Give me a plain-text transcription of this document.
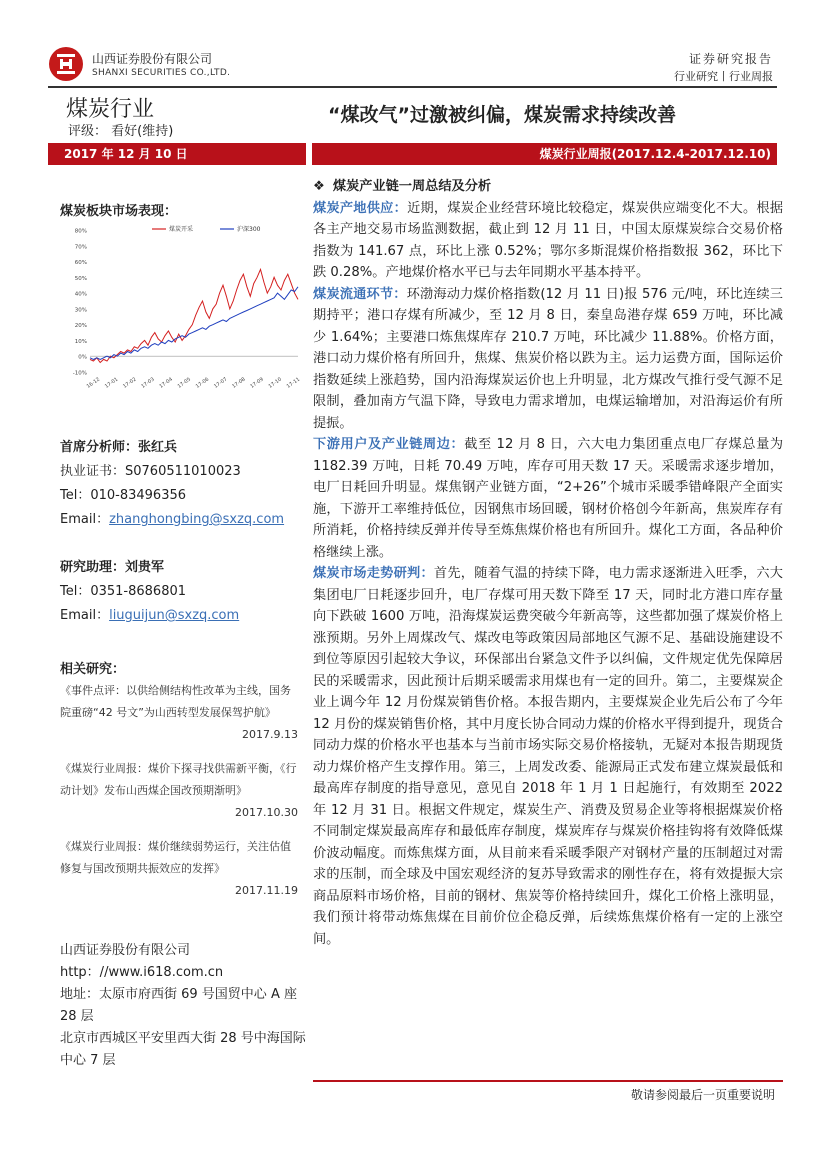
山西证券股份有限公司
SHANXI SECURITIES CO.,LTD.
证券研究报告
行业研究丨行业周报
煤炭行业
评级： 看好(维持)
“煤改气”过激被纠偏，煤炭需求持续改善
2017 年 12 月 10 日	煤炭行业周报(2017.12.4-2017.12.10)
煤炭板块市场表现：
80%
70%
60%
50%
40%
30%
20%
10%
0%
-10%
16-12 17-01 17-02 17-03 17-04 17-05 17-06 17-07 17-08 17-09 17-10 17-11
煤炭开采	沪深300
首席分析师：张红兵
执业证书：S0760511010023
Tel：010-83496356
Email：zhanghongbing@sxzq.com
研究助理：刘贵军
Tel：0351-8686801
Email：liuguijun@sxzq.com
相关研究：
《事件点评：以供给侧结构性改革为主线，国务院重磅“42 号文”为山西转型发展保驾护航》
2017.9.13
《煤炭行业周报：煤价下探寻找供需新平衡，《行动计划》发布山西煤企国改预期渐明》
2017.10.30
《煤炭行业周报：煤价继续弱势运行，关注估值修复与国改预期共振效应的发挥》
2017.11.19
山西证券股份有限公司
http：//www.i618.com.cn
地址：太原市府西街 69 号国贸中心 A 座 28 层
北京市西城区平安里西大街 28 号中海国际中心 7 层
❖ 煤炭产业链一周总结及分析

煤炭产地供应：近期，煤炭企业经营环境比较稳定，煤炭供应端变化不大。根据各主产地交易市场监测数据，截止到 12 月 11 日，中国太原煤炭综合交易价格指数为 141.67 点，环比上涨 0.52%；鄂尔多斯混煤价格指数报 362，环比下跌 0.28%。产地煤价格水平已与去年同期水平基本持平。

煤炭流通环节：环渤海动力煤价格指数(12 月 11 日)报 576 元/吨，环比连续三期持平；港口存煤有所减少，至 12 月 8 日，秦皇岛港存煤 659 万吨，环比减少 1.64%；主要港口炼焦煤库存 210.7 万吨，环比减少 11.88%。价格方面，港口动力煤价格有所回升，焦煤、焦炭价格以跌为主。运力运费方面，国际运价指数延续上涨趋势，国内沿海煤炭运价也上升明显，北方煤改气推行受气源不足限制，叠加南方气温下降，导致电力需求增加，电煤运输增加，对沿海运价有所提振。

下游用户及产业链周边：截至 12 月 8 日，六大电力集团重点电厂存煤总量为 1182.39 万吨，日耗 70.49 万吨，库存可用天数 17 天。采暖需求逐步增加，电厂日耗回升明显。煤焦钢产业链方面，“2+26”个城市采暖季错峰限产全面实施，下游开工率维持低位，因钢焦市场回暖，钢材价格创今年新高，焦炭库存有所消耗，价格持续反弹并传导至炼焦煤价格也有所回升。煤化工方面，各品种价格继续上涨。

煤炭市场走势研判：首先，随着气温的持续下降，电力需求逐渐进入旺季，六大集团电厂日耗逐步回升，电厂存煤可用天数下降至 17 天，同时北方港口库存量向下跌破 1600 万吨，沿海煤炭运费突破今年新高等，这些都加强了煤炭价格上涨预期。另外上周煤改气、煤改电等政策因局部地区气源不足、基础设施建设不到位等原因引起较大争议，环保部出台紧急文件予以纠偏，文件规定优先保障居民的采暖需求，因此预计后期采暖需求用煤也有一定的回升。第二，主要煤炭企业上调今年 12 月份煤炭销售价格。本报告期内，主要煤炭企业先后公布了今年 12 月份的煤炭销售价格，其中月度长协合同动力煤的价格水平得到提升，现货合同动力煤的价格水平也基本与当前市场实际交易价格接轨，无疑对本报告期现货动力煤价格产生支撑作用。第三，上周发改委、能源局正式发布建立煤炭最低和最高库存制度的指导意见，意见自 2018 年 1 月 1 日起施行，有效期至 2022 年 12 月 31 日。根据文件规定，煤炭生产、消费及贸易企业等将根据煤炭价格不同制定煤炭最高库存和最低库存制度，煤炭库存与煤炭价格挂钩将有效降低煤价波动幅度。而炼焦煤方面，从目前来看采暖季限产对钢材产量的压制超过对需求的压制，而全球及中国宏观经济的复苏导致需求的刚性存在，将有效提振大宗商品原料市场价格，目前的钢材、焦炭等价格持续回升，煤化工价格上涨明显，我们预计将带动炼焦煤在目前价位企稳反弹，后续炼焦煤价格有一定的上涨空间。

敬请参阅最后一页重要说明
